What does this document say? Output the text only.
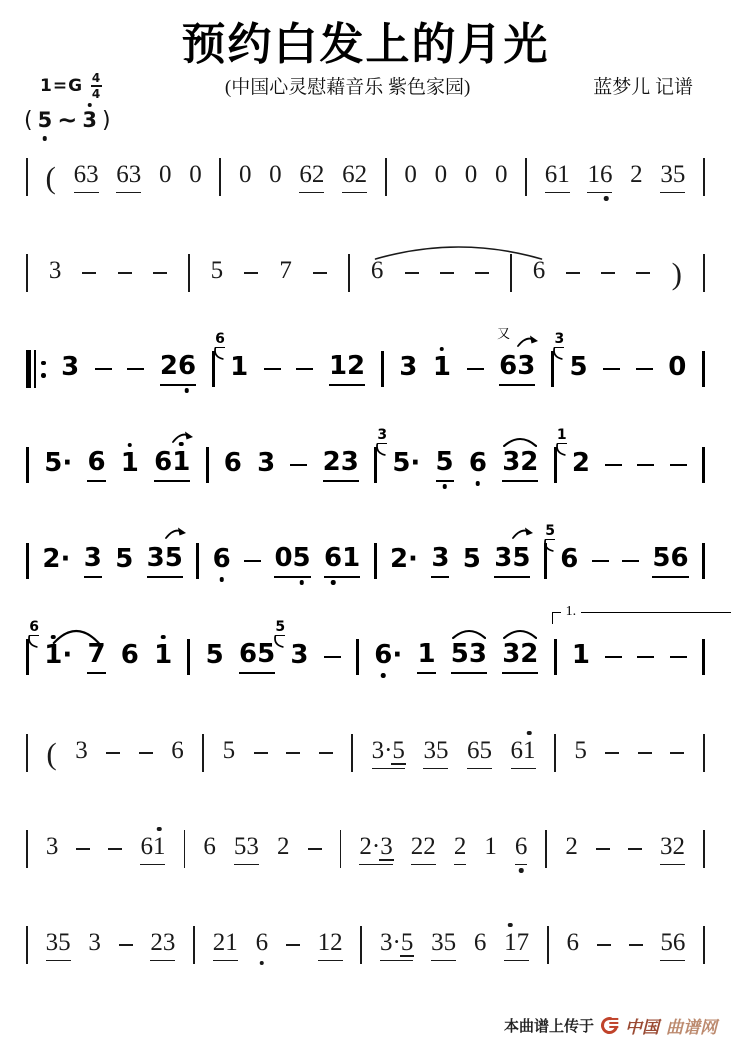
预约白发上的月光
$1=G \frac{4}{4}$	(中国心灵慰藉音乐 紫色家园)	蓝梦儿 记谱
( 5 ~ 3 )
( 63 63 0 0 0 0 62 62 0 0 0 0 61 16 2 35
3	5 7	6	6	)
3	26
6
1	12 3 1
又
63
3
5	0
5· 6 1 61 6 3 23
3
5· 5 6 32
1
2
2· 3 5 35 6 05 6
1 2· 3 5 35
5
6	56
6
1
· 7 6 1 5 65
5
3	6
· 1 53 32
1.
1
( 3	6 5	3·5 35 65 61 5
3	61 6 53 2	2·3 22 2 1 6 2	32
35 3 23 21 6 12 3·5 35 6 1
7 6	56
本曲谱上传于 中国 曲谱网
